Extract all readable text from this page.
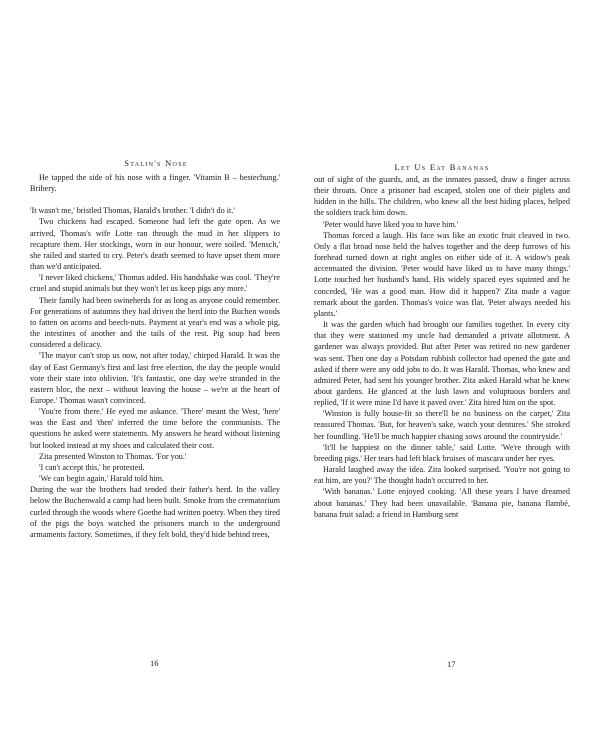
Stalin's Nose

He tapped the side of his nose with a finger. 'Vitamin B – bestechung.' Bribery.

'It wasn't me,' bristled Thomas, Harald's brother. 'I didn't do it.'

Two chickens had escaped. Someone had left the gate open. As we arrived, Thomas's wife Lotte ran through the mud in her slippers to recapture them. Her stockings, worn in our honour, were soiled. 'Mensch,' she railed and started to cry. Peter's death seemed to have upset them more than we'd anticipated.

'I never liked chickens,' Thomas added. His handshake was cool. 'They're cruel and stupid animals but they won't let us keep pigs any more.'

Their family had been swineherds for as long as anyone could remember. For generations of autumns they had driven the herd into the Buchen woods to fatten on acorns and beech-nuts. Payment at year's end was a whole pig, the intestines of another and the tails of the rest. Pig soup had been considered a delicacy.

'The mayor can't stop us now, not after today,' chirped Harald. It was the day of East Germany's first and last free election, the day the people would vote their state into oblivion. 'It's fantastic, one day we're stranded in the eastern bloc, the next – without leaving the house – we're at the heart of Europe.' Thomas wasn't convinced.

'You're from there.' He eyed me askance. 'There' meant the West, 'here' was the East and 'then' inferred the time before the communists. The questions he asked were statements. My answers he heard without listening but looked instead at my shoes and calculated their cost.

Zita presented Winston to Thomas. 'For you.'

'I can't accept this,' he protested.

'We can begin again,' Harald told him.

During the war the brothers had tended their father's herd. In the valley below the Buchenwald a camp had been built. Smoke from the crematorium curled through the woods where Goethe had written poetry. When they tired of the pigs the boys watched the prisoners march to the underground armaments factory. Sometimes, if they felt bold, they'd hide behind trees,

16
Let Us Eat Bananas

out of sight of the guards, and, as the inmates passed, draw a finger across their throats. Once a prisoner had escaped, stolen one of their piglets and hidden in the hills. The children, who knew all the best hiding places, helped the soldiers track him down.

'Peter would have liked you to have him.'

Thomas forced a laugh. His face was like an exotic fruit cleaved in two. Only a flat broad nose held the halves together and the deep furrows of his forehead turned down at right angles on either side of it. A widow's peak accentuated the division. 'Peter would have liked us to have many things.' Lotte touched her husband's hand. His widely spaced eyes squinted and he conceded, 'He was a good man. How did it happen?' Zita made a vague remark about the garden. Thomas's voice was flat. 'Peter always needed his plants.'

It was the garden which had brought our families together. In every city that they were stationed my uncle had demanded a private allotment. A gardener was always provided. But after Peter was retired no new gardener was sent. Then one day a Potsdam rubbish collector had opened the gate and asked if there were any odd jobs to do. It was Harald. Thomas, who knew and admired Peter, had sent his younger brother. Zita asked Harald what he knew about gardens. He glanced at the lush lawn and voluptuous borders and replied, 'If it were mine I'd have it paved over.' Zita hired him on the spot.

'Winston is fully house-fit so there'll be no business on the carpet,' Zita reassured Thomas. 'But, for heaven's sake, watch your dentures.' She stroked her foundling. 'He'll be much happier chasing sows around the countryside.'

'It'll be happiest on the dinner table,' said Lotte. 'We're through with breeding pigs.' Her tears had left black bruises of mascara under her eyes.

Harald laughed away the idea. Zita looked surprised. 'You're not going to eat him, are you?' The thought hadn't occurred to her.

'With bananas.' Lotte enjoyed cooking. 'All these years I have dreamed about bananas.' They had been unavailable. 'Banana pie, banana flambé, banana fruit salad: a friend in Hamburg sent

17
